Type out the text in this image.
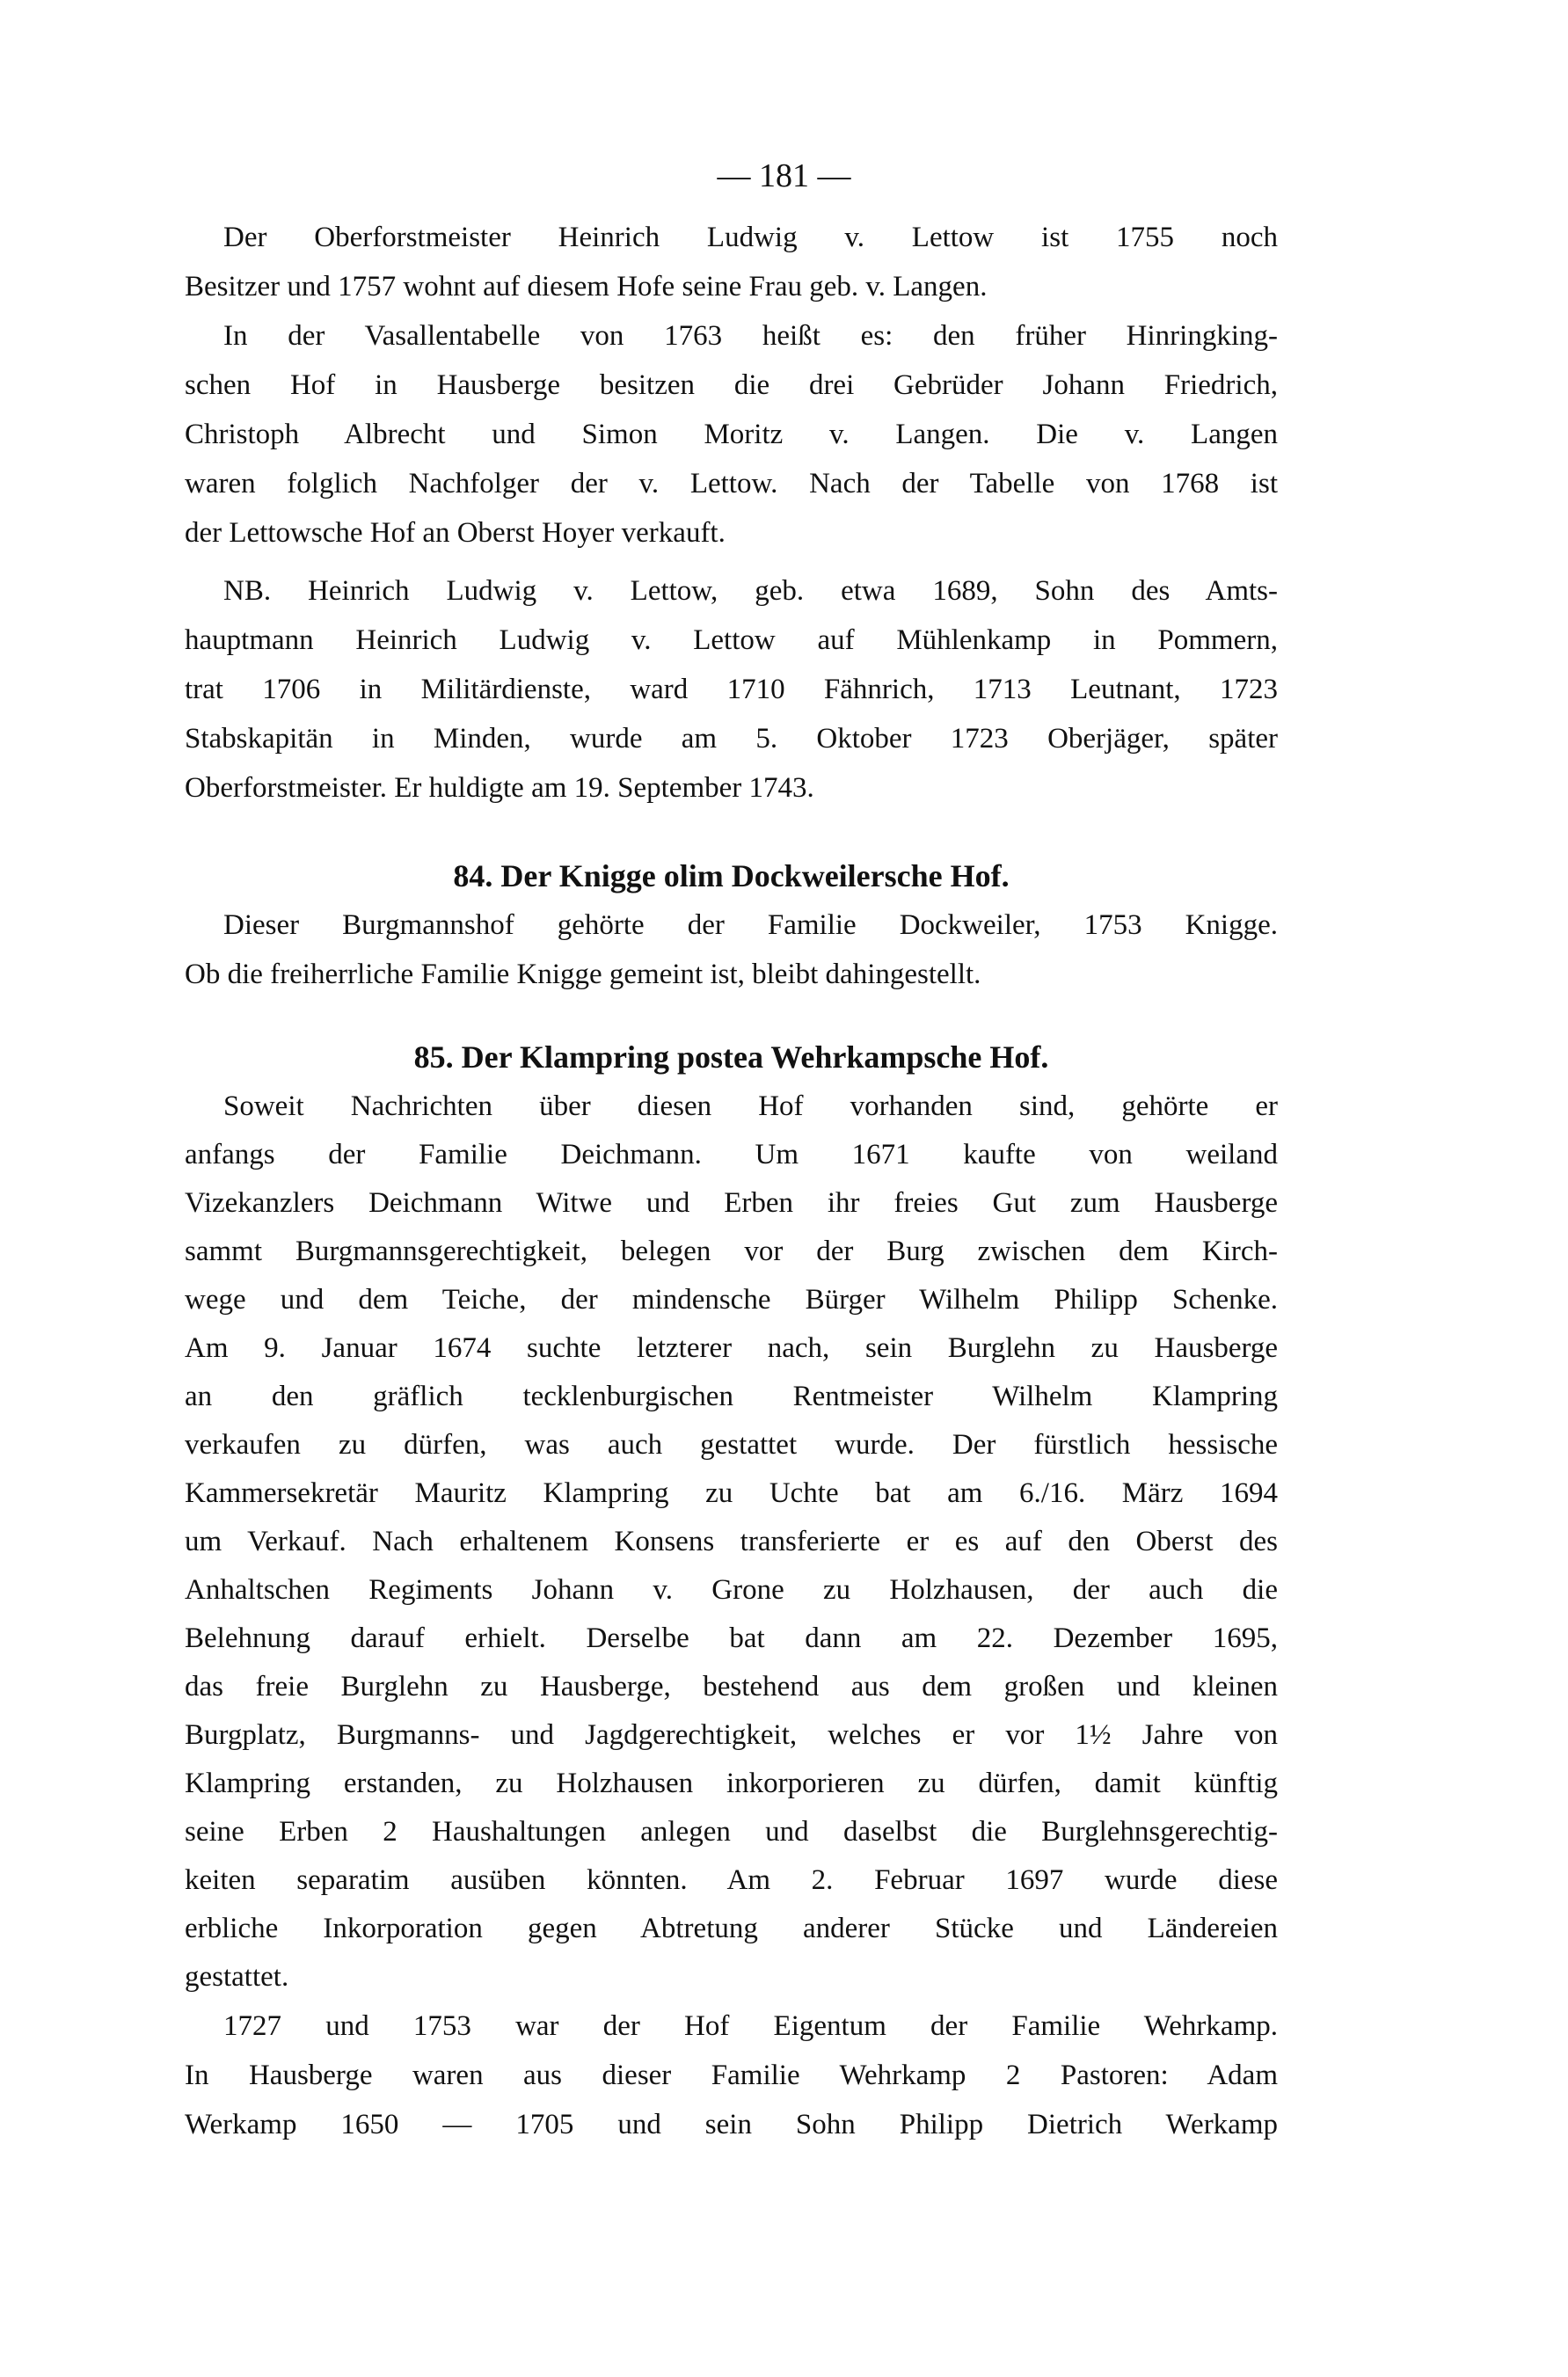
— 181 —
Der Oberforstmeister Heinrich Ludwig v. Lettow ist 1755 noch
Besitzer und 1757 wohnt auf diesem Hofe seine Frau geb. v. Langen.
In der Vasallentabelle von 1763 heißt es: den früher Hinringking-
schen Hof in Hausberge besitzen die drei Gebrüder Johann Friedrich,
Christoph Albrecht und Simon Moritz v. Langen. Die v. Langen
waren folglich Nachfolger der v. Lettow. Nach der Tabelle von 1768 ist
der Lettowsche Hof an Oberst Hoyer verkauft.
NB. Heinrich Ludwig v. Lettow, geb. etwa 1689, Sohn des Amts-
hauptmann Heinrich Ludwig v. Lettow auf Mühlenkamp in Pommern,
trat 1706 in Militärdienste, ward 1710 Fähnrich, 1713 Leutnant, 1723
Stabskapitän in Minden, wurde am 5. Oktober 1723 Oberjäger, später
Oberforstmeister. Er huldigte am 19. September 1743.
84. Der Knigge olim Dockweilersche Hof.
Dieser Burgmannshof gehörte der Familie Dockweiler, 1753 Knigge.
Ob die freiherrliche Familie Knigge gemeint ist, bleibt dahingestellt.
85. Der Klampring postea Wehrkampsche Hof.
Soweit Nachrichten über diesen Hof vorhanden sind, gehörte er
anfangs der Familie Deichmann. Um 1671 kaufte von weiland
Vizekanzlers Deichmann Witwe und Erben ihr freies Gut zum Hausberge
sammt Burgmannsgerechtigkeit, belegen vor der Burg zwischen dem Kirch-
wege und dem Teiche, der mindensche Bürger Wilhelm Philipp Schenke.
Am 9. Januar 1674 suchte letzterer nach, sein Burglehn zu Hausberge
an den gräflich tecklenburgischen Rentmeister Wilhelm Klampring
verkaufen zu dürfen, was auch gestattet wurde. Der fürstlich hessische
Kammersekretär Mauritz Klampring zu Uchte bat am 6./16. März 1694
um Verkauf. Nach erhaltenem Konsens transferierte er es auf den Oberst des
Anhaltschen Regiments Johann v. Grone zu Holzhausen, der auch die
Belehnung darauf erhielt. Derselbe bat dann am 22. Dezember 1695,
das freie Burglehn zu Hausberge, bestehend aus dem großen und kleinen
Burgplatz, Burgmanns- und Jagdgerechtigkeit, welches er vor 1½ Jahre von
Klampring erstanden, zu Holzhausen inkorporieren zu dürfen, damit künftig
seine Erben 2 Haushaltungen anlegen und daselbst die Burglehnsgerechtig-
keiten separatim ausüben könnten. Am 2. Februar 1697 wurde diese
erbliche Inkorporation gegen Abtretung anderer Stücke und Ländereien
gestattet.
1727 und 1753 war der Hof Eigentum der Familie Wehrkamp.
In Hausberge waren aus dieser Familie Wehrkamp 2 Pastoren: Adam
Werkamp 1650 — 1705 und sein Sohn Philipp Dietrich Werkamp
